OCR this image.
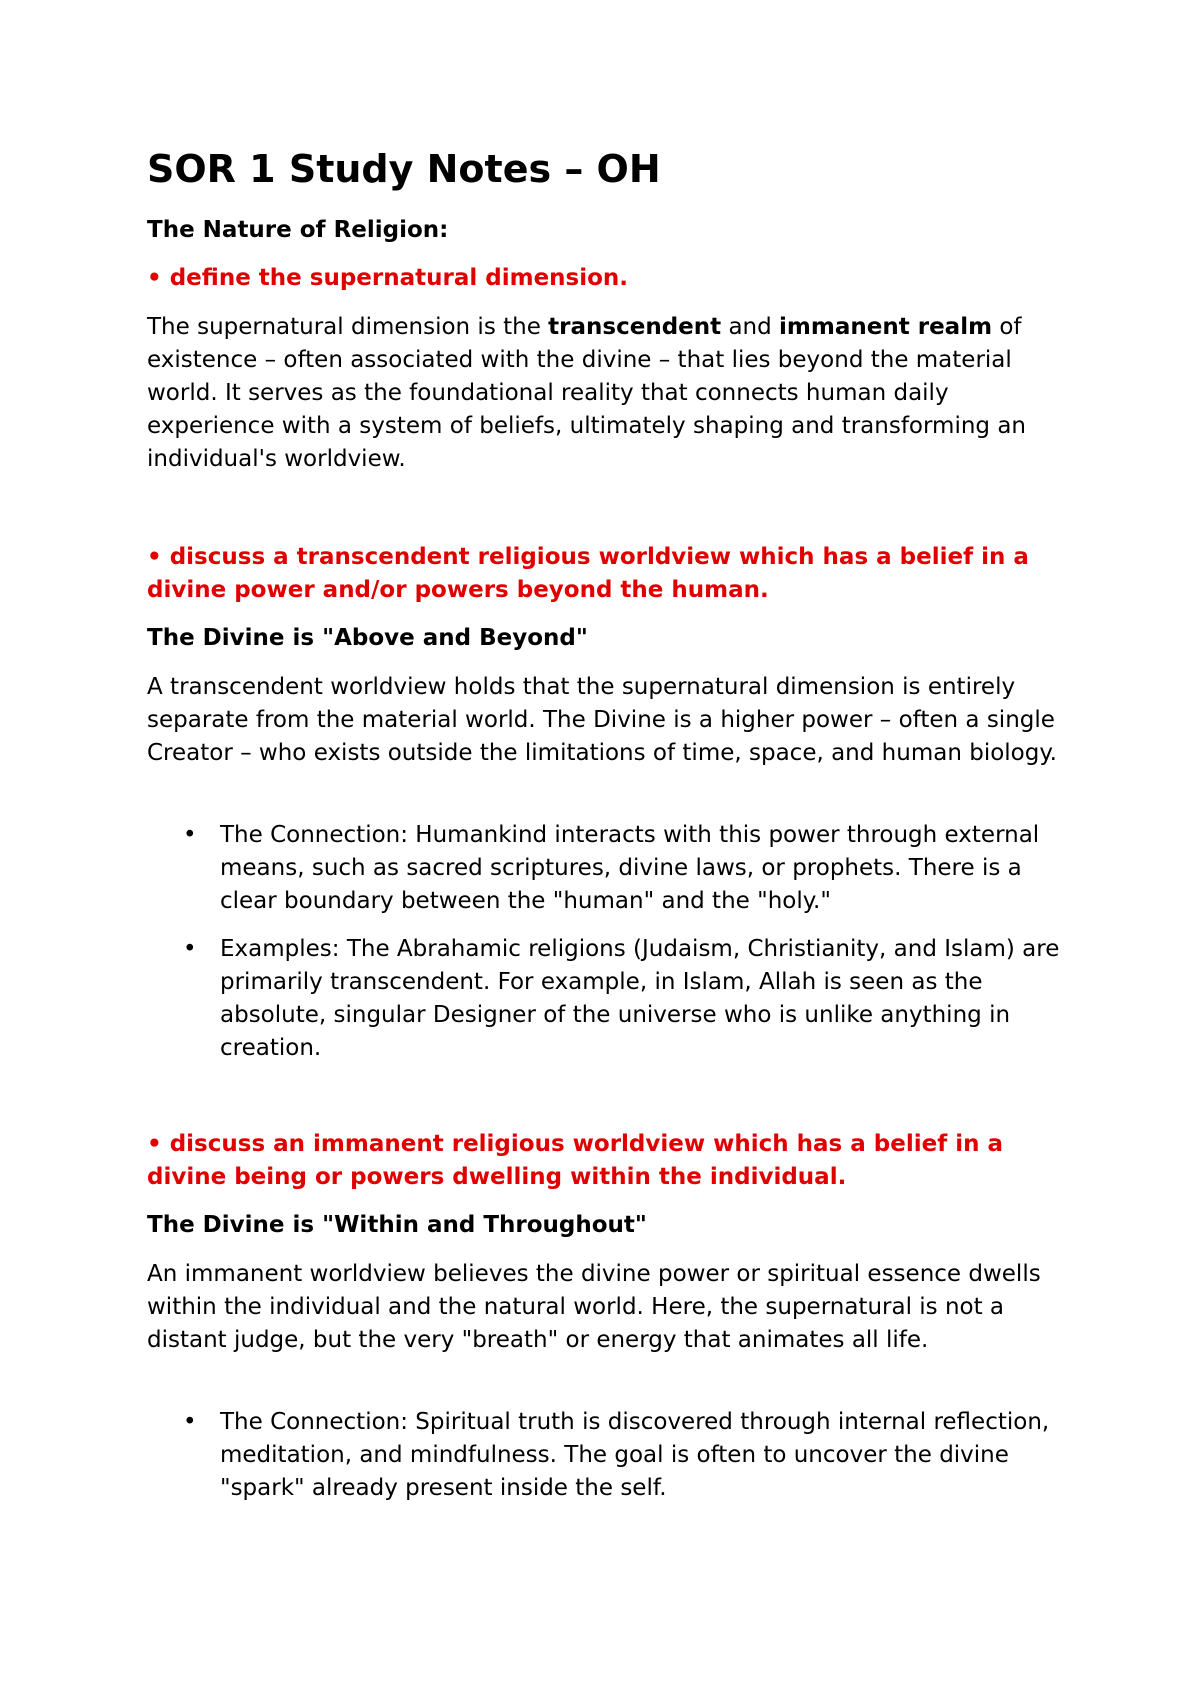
SOR 1 Study Notes – OH

The Nature of Religion:

• define the supernatural dimension.

The supernatural dimension is the transcendent and immanent realm of existence – often associated with the divine – that lies beyond the material world. It serves as the foundational reality that connects human daily experience with a system of beliefs, ultimately shaping and transforming an individual's worldview.

• discuss a transcendent religious worldview which has a belief in a divine power and/or powers beyond the human.

The Divine is "Above and Beyond"

A transcendent worldview holds that the supernatural dimension is entirely separate from the material world. The Divine is a higher power – often a single Creator – who exists outside the limitations of time, space, and human biology.

• The Connection: Humankind interacts with this power through external means, such as sacred scriptures, divine laws, or prophets. There is a clear boundary between the "human" and the "holy."

• Examples: The Abrahamic religions (Judaism, Christianity, and Islam) are primarily transcendent. For example, in Islam, Allah is seen as the absolute, singular Designer of the universe who is unlike anything in creation.

• discuss an immanent religious worldview which has a belief in a divine being or powers dwelling within the individual.

The Divine is "Within and Throughout"

An immanent worldview believes the divine power or spiritual essence dwells within the individual and the natural world. Here, the supernatural is not a distant judge, but the very "breath" or energy that animates all life.

• The Connection: Spiritual truth is discovered through internal reflection, meditation, and mindfulness. The goal is often to uncover the divine "spark" already present inside the self.
